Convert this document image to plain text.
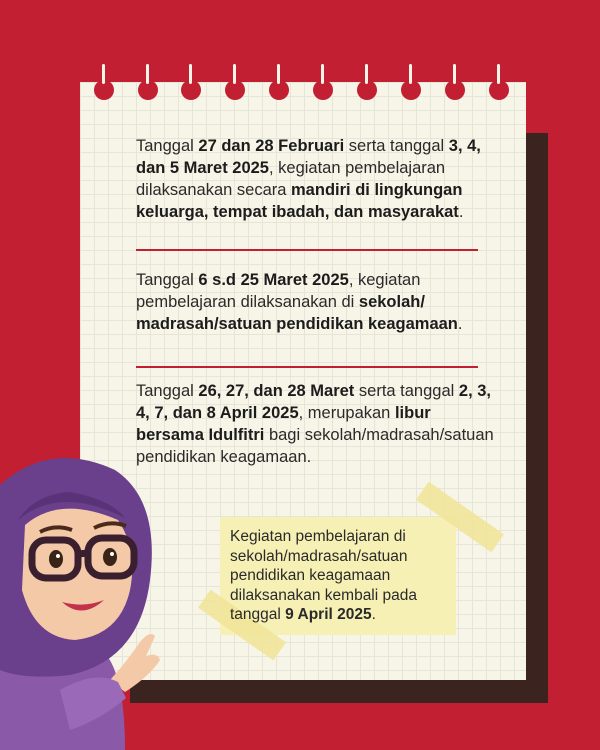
Tanggal 27 dan 28 Februari serta tanggal 3, 4, dan 5 Maret 2025, kegiatan pembelajaran dilaksanakan secara mandiri di lingkungan keluarga, tempat ibadah, dan masyarakat.
Tanggal 6 s.d 25 Maret 2025, kegiatan pembelajaran dilaksanakan di sekolah/ madrasah/satuan pendidikan keagamaan.
Tanggal 26, 27, dan 28 Maret serta tanggal 2, 3, 4, 7, dan 8 April 2025, merupakan libur bersama Idulfitri bagi sekolah/madrasah/satuan pendidikan keagamaan.
Kegiatan pembelajaran di sekolah/madrasah/satuan pendidikan keagamaan dilaksanakan kembali pada tanggal 9 April 2025.
